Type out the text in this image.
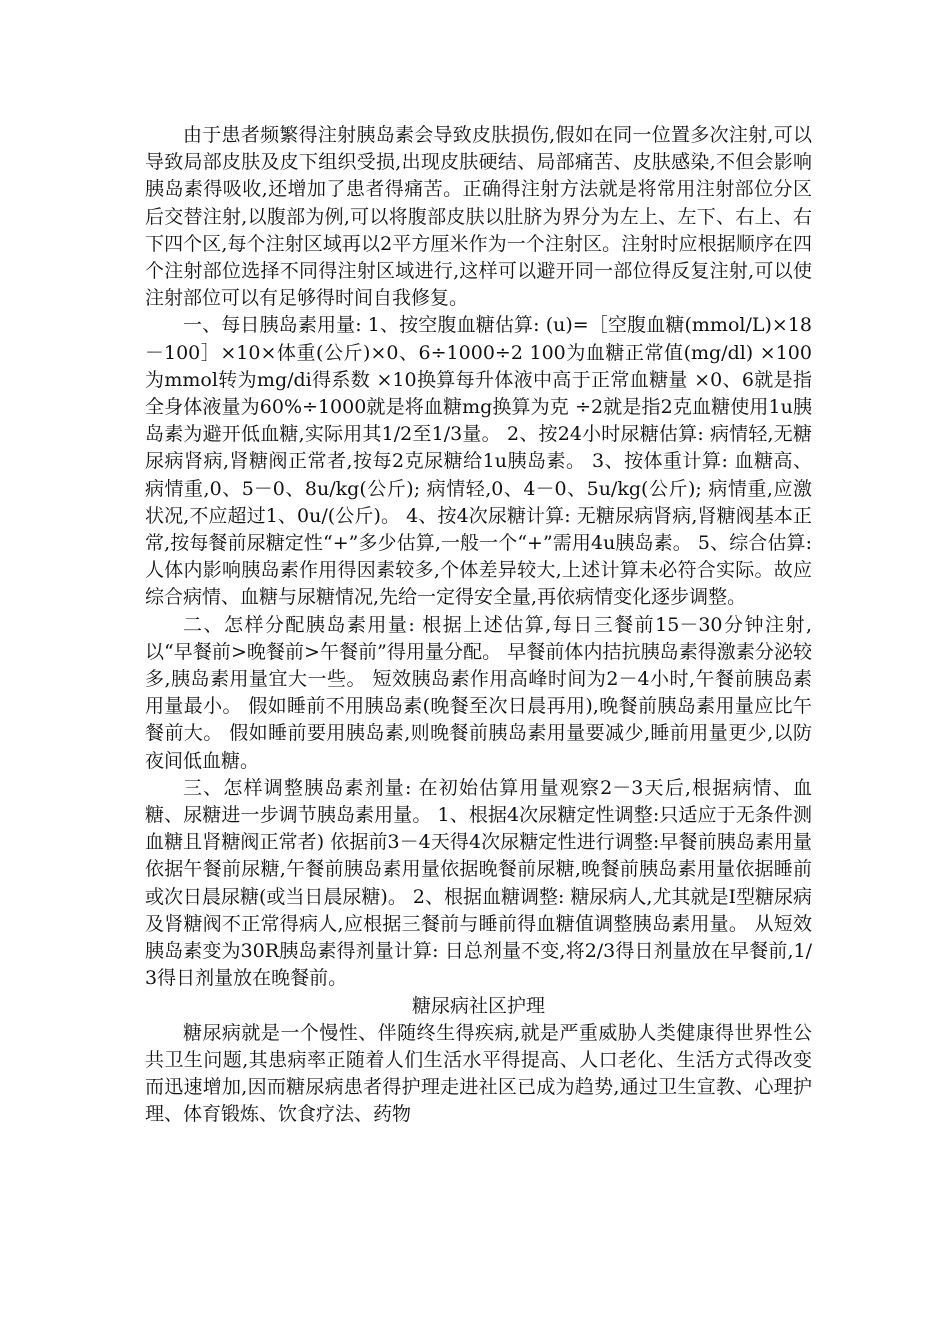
由于患者频繁得注射胰岛素会导致皮肤损伤,假如在同一位置多次注射,可以导致局部皮肤及皮下组织受损,出现皮肤硬结、局部痛苦、皮肤感染,不但会影响胰岛素得吸收,还增加了患者得痛苦。正确得注射方法就是将常用注射部位分区后交替注射,以腹部为例,可以将腹部皮肤以肚脐为界分为左上、左下、右上、右下四个区,每个注射区域再以2平方厘米作为一个注射区。注射时应根据顺序在四个注射部位选择不同得注射区域进行,这样可以避开同一部位得反复注射,可以使注射部位可以有足够得时间自我修复。

一、每日胰岛素用量: 1、按空腹血糖估算: (u)=［空腹血糖(mmol/L)×18－100］×10×体重(公斤)×0、6÷1000÷2 100为血糖正常值(mg/dl) ×100为mmol转为mg/di得系数 ×10换算每升体液中高于正常血糖量 ×0、6就是指全身体液量为60%÷1000就是将血糖mg换算为克 ÷2就是指2克血糖使用1u胰岛素为避开低血糖,实际用其1/2至1/3量。 2、按24小时尿糖估算: 病情轻,无糖尿病肾病,肾糖阀正常者,按每2克尿糖给1u胰岛素。 3、按体重计算: 血糖高、病情重,0、5－0、8u/kg(公斤); 病情轻,0、4－0、5u/kg(公斤); 病情重,应激状况,不应超过1、0u/(公斤)。 4、按4次尿糖计算: 无糖尿病肾病,肾糖阀基本正常,按每餐前尿糖定性“+”多少估算,一般一个“+”需用4u胰岛素。 5、综合估算: 人体内影响胰岛素作用得因素较多,个体差异较大,上述计算未必符合实际。故应综合病情、血糖与尿糖情况,先给一定得安全量,再依病情变化逐步调整。

二、怎样分配胰岛素用量: 根据上述估算,每日三餐前15－30分钟注射,以“早餐前>晚餐前>午餐前”得用量分配。 早餐前体内拮抗胰岛素得激素分泌较多,胰岛素用量宜大一些。 短效胰岛素作用高峰时间为2－4小时,午餐前胰岛素用量最小。 假如睡前不用胰岛素(晚餐至次日晨再用),晚餐前胰岛素用量应比午餐前大。 假如睡前要用胰岛素,则晚餐前胰岛素用量要减少,睡前用量更少,以防夜间低血糖。

三、怎样调整胰岛素剂量: 在初始估算用量观察2－3天后,根据病情、血糖、尿糖进一步调节胰岛素用量。 1、根据4次尿糖定性调整:只适应于无条件测血糖且肾糖阀正常者) 依据前3－4天得4次尿糖定性进行调整:早餐前胰岛素用量依据午餐前尿糖,午餐前胰岛素用量依据晚餐前尿糖,晚餐前胰岛素用量依据睡前或次日晨尿糖(或当日晨尿糖)。 2、根据血糖调整: 糖尿病人,尤其就是Ⅰ型糖尿病及肾糖阀不正常得病人,应根据三餐前与睡前得血糖值调整胰岛素用量。 从短效胰岛素变为30R胰岛素得剂量计算: 日总剂量不变,将2/3得日剂量放在早餐前,1/3得日剂量放在晚餐前。

糖尿病社区护理

糖尿病就是一个慢性、伴随终生得疾病,就是严重威胁人类健康得世界性公共卫生问题,其患病率正随着人们生活水平得提高、人口老化、生活方式得改变而迅速增加,因而糖尿病患者得护理走进社区已成为趋势,通过卫生宣教、心理护理、体育锻炼、饮食疗法、药物
